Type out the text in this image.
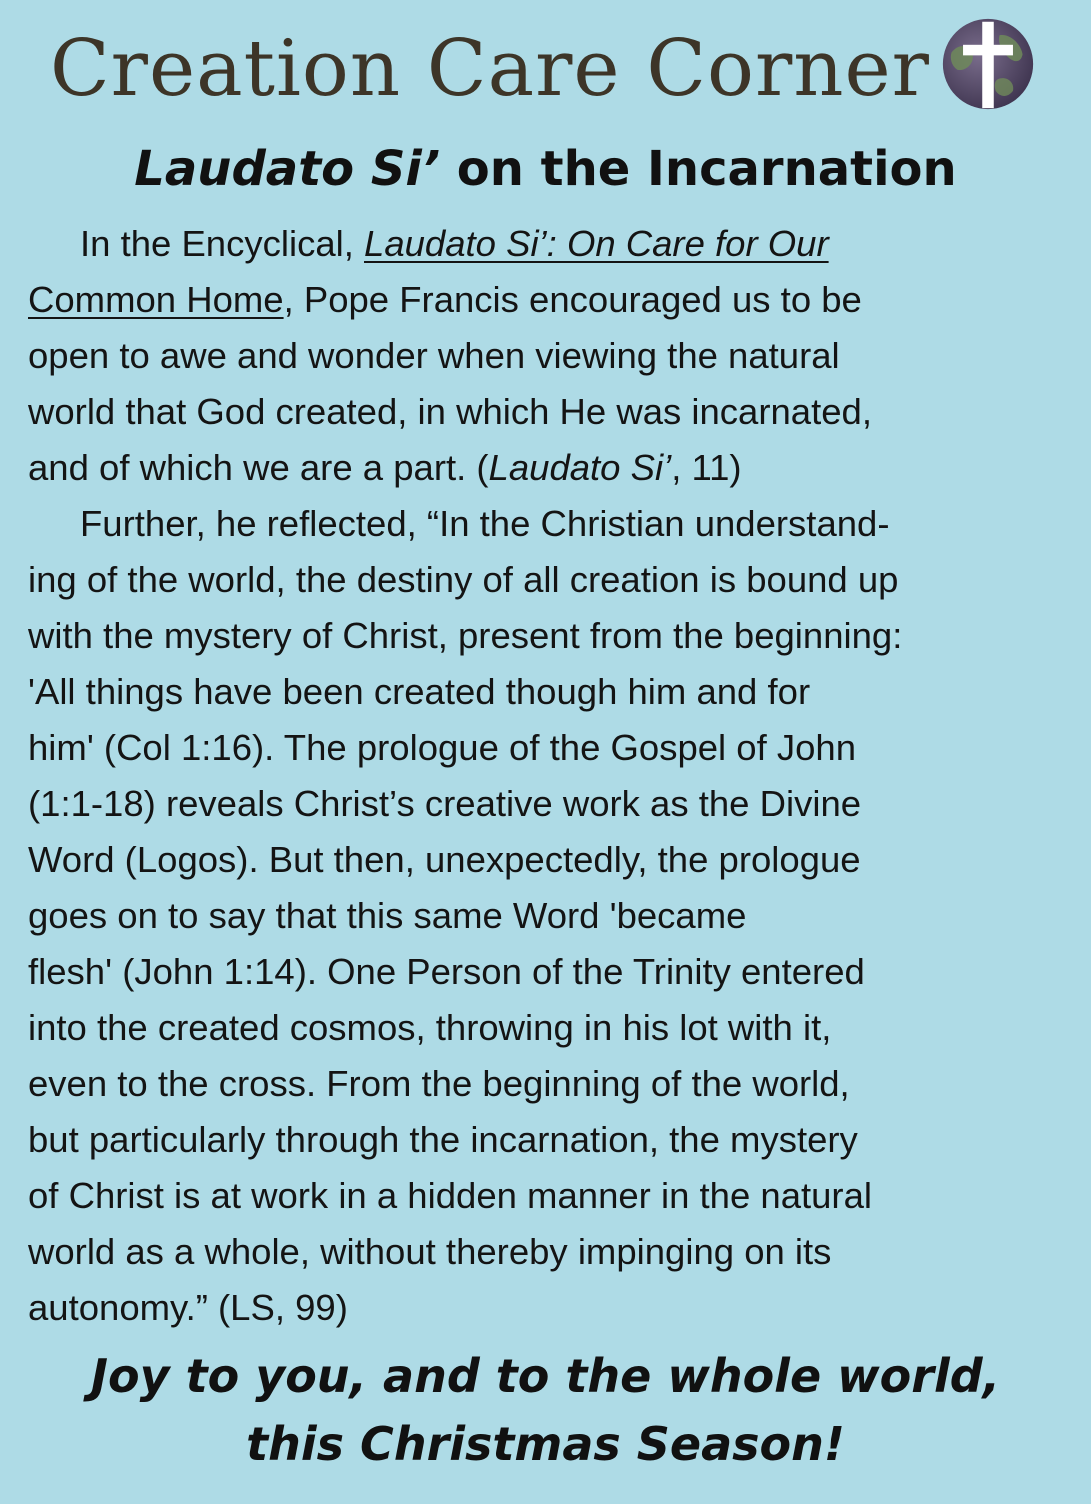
Creation Care Corner
Laudato Si’ on the Incarnation
In the Encyclical, Laudato Si’: On Care for Our
Common Home, Pope Francis encouraged us to be
open to awe and wonder when viewing the natural
world that God created, in which He was incarnated,
and of which we are a part. (Laudato Si’, 11)
Further, he reflected, “In the Christian understand-
ing of the world, the destiny of all creation is bound up
with the mystery of Christ, present from the beginning:
'All things have been created though him and for
him' (Col 1:16). The prologue of the Gospel of John
(1:1-18) reveals Christ’s creative work as the Divine
Word (Logos). But then, unexpectedly, the prologue
goes on to say that this same Word 'became
flesh' (John 1:14). One Person of the Trinity entered
into the created cosmos, throwing in his lot with it,
even to the cross. From the beginning of the world,
but particularly through the incarnation, the mystery
of Christ is at work in a hidden manner in the natural
world as a whole, without thereby impinging on its
autonomy.” (LS, 99)
Joy to you, and to the whole world,
this Christmas Season!
